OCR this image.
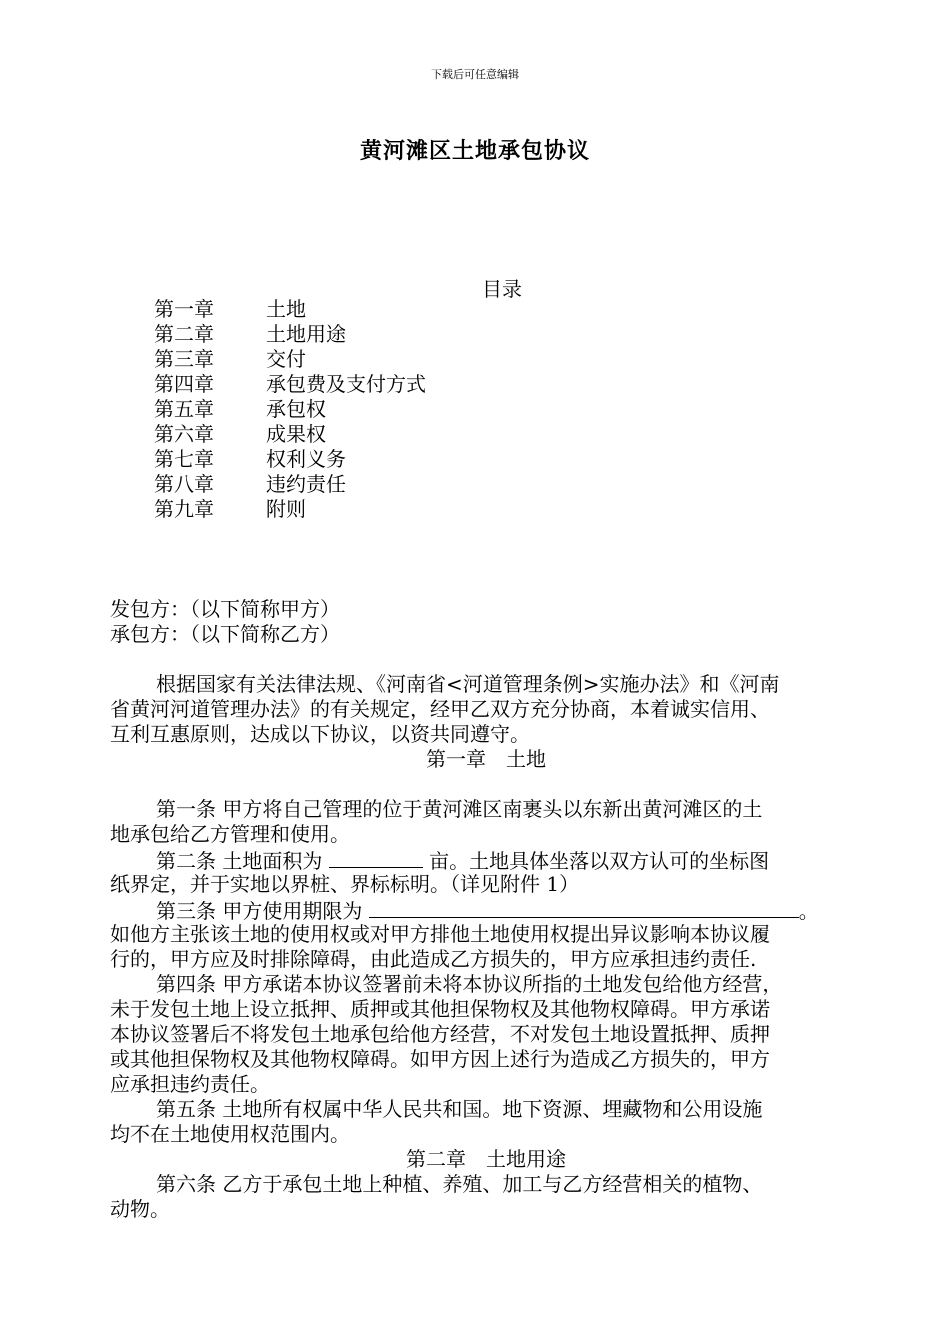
下载后可任意编辑
黄河滩区土地承包协议
目录
第一章	土地
第二章	土地用途
第三章	交付
第四章	承包费及支付方式
第五章	承包权
第六章	成果权
第七章	权利义务
第八章	违约责任
第九章	附则
发包方：（以下简称甲方）
承包方：（以下简称乙方）
根据国家有关法律法规、《河南省<河道管理条例>实施办法》和《河南
省黄河河道管理办法》的有关规定，经甲乙双方充分协商，本着诚实信用、
互利互惠原则，达成以下协议，以资共同遵守。
第一章　土地
第一条 甲方将自己管理的位于黄河滩区南裹头以东新出黄河滩区的土
地承包给乙方管理和使用。
第二条 土地面积为	亩。土地具体坐落以双方认可的坐标图
纸界定，并于实地以界桩、界标标明。（详见附件 1）
第三条 甲方使用期限为	。
如他方主张该土地的使用权或对甲方排他土地使用权提出异议影响本协议履
行的，甲方应及时排除障碍，由此造成乙方损失的，甲方应承担违约责任.
第四条 甲方承诺本协议签署前未将本协议所指的土地发包给他方经营，
未于发包土地上设立抵押、质押或其他担保物权及其他物权障碍。甲方承诺
本协议签署后不将发包土地承包给他方经营，不对发包土地设置抵押、质押
或其他担保物权及其他物权障碍。如甲方因上述行为造成乙方损失的，甲方
应承担违约责任。
第五条 土地所有权属中华人民共和国。地下资源、埋藏物和公用设施
均不在土地使用权范围内。
第二章　土地用途
第六条 乙方于承包土地上种植、养殖、加工与乙方经营相关的植物、
动物。
